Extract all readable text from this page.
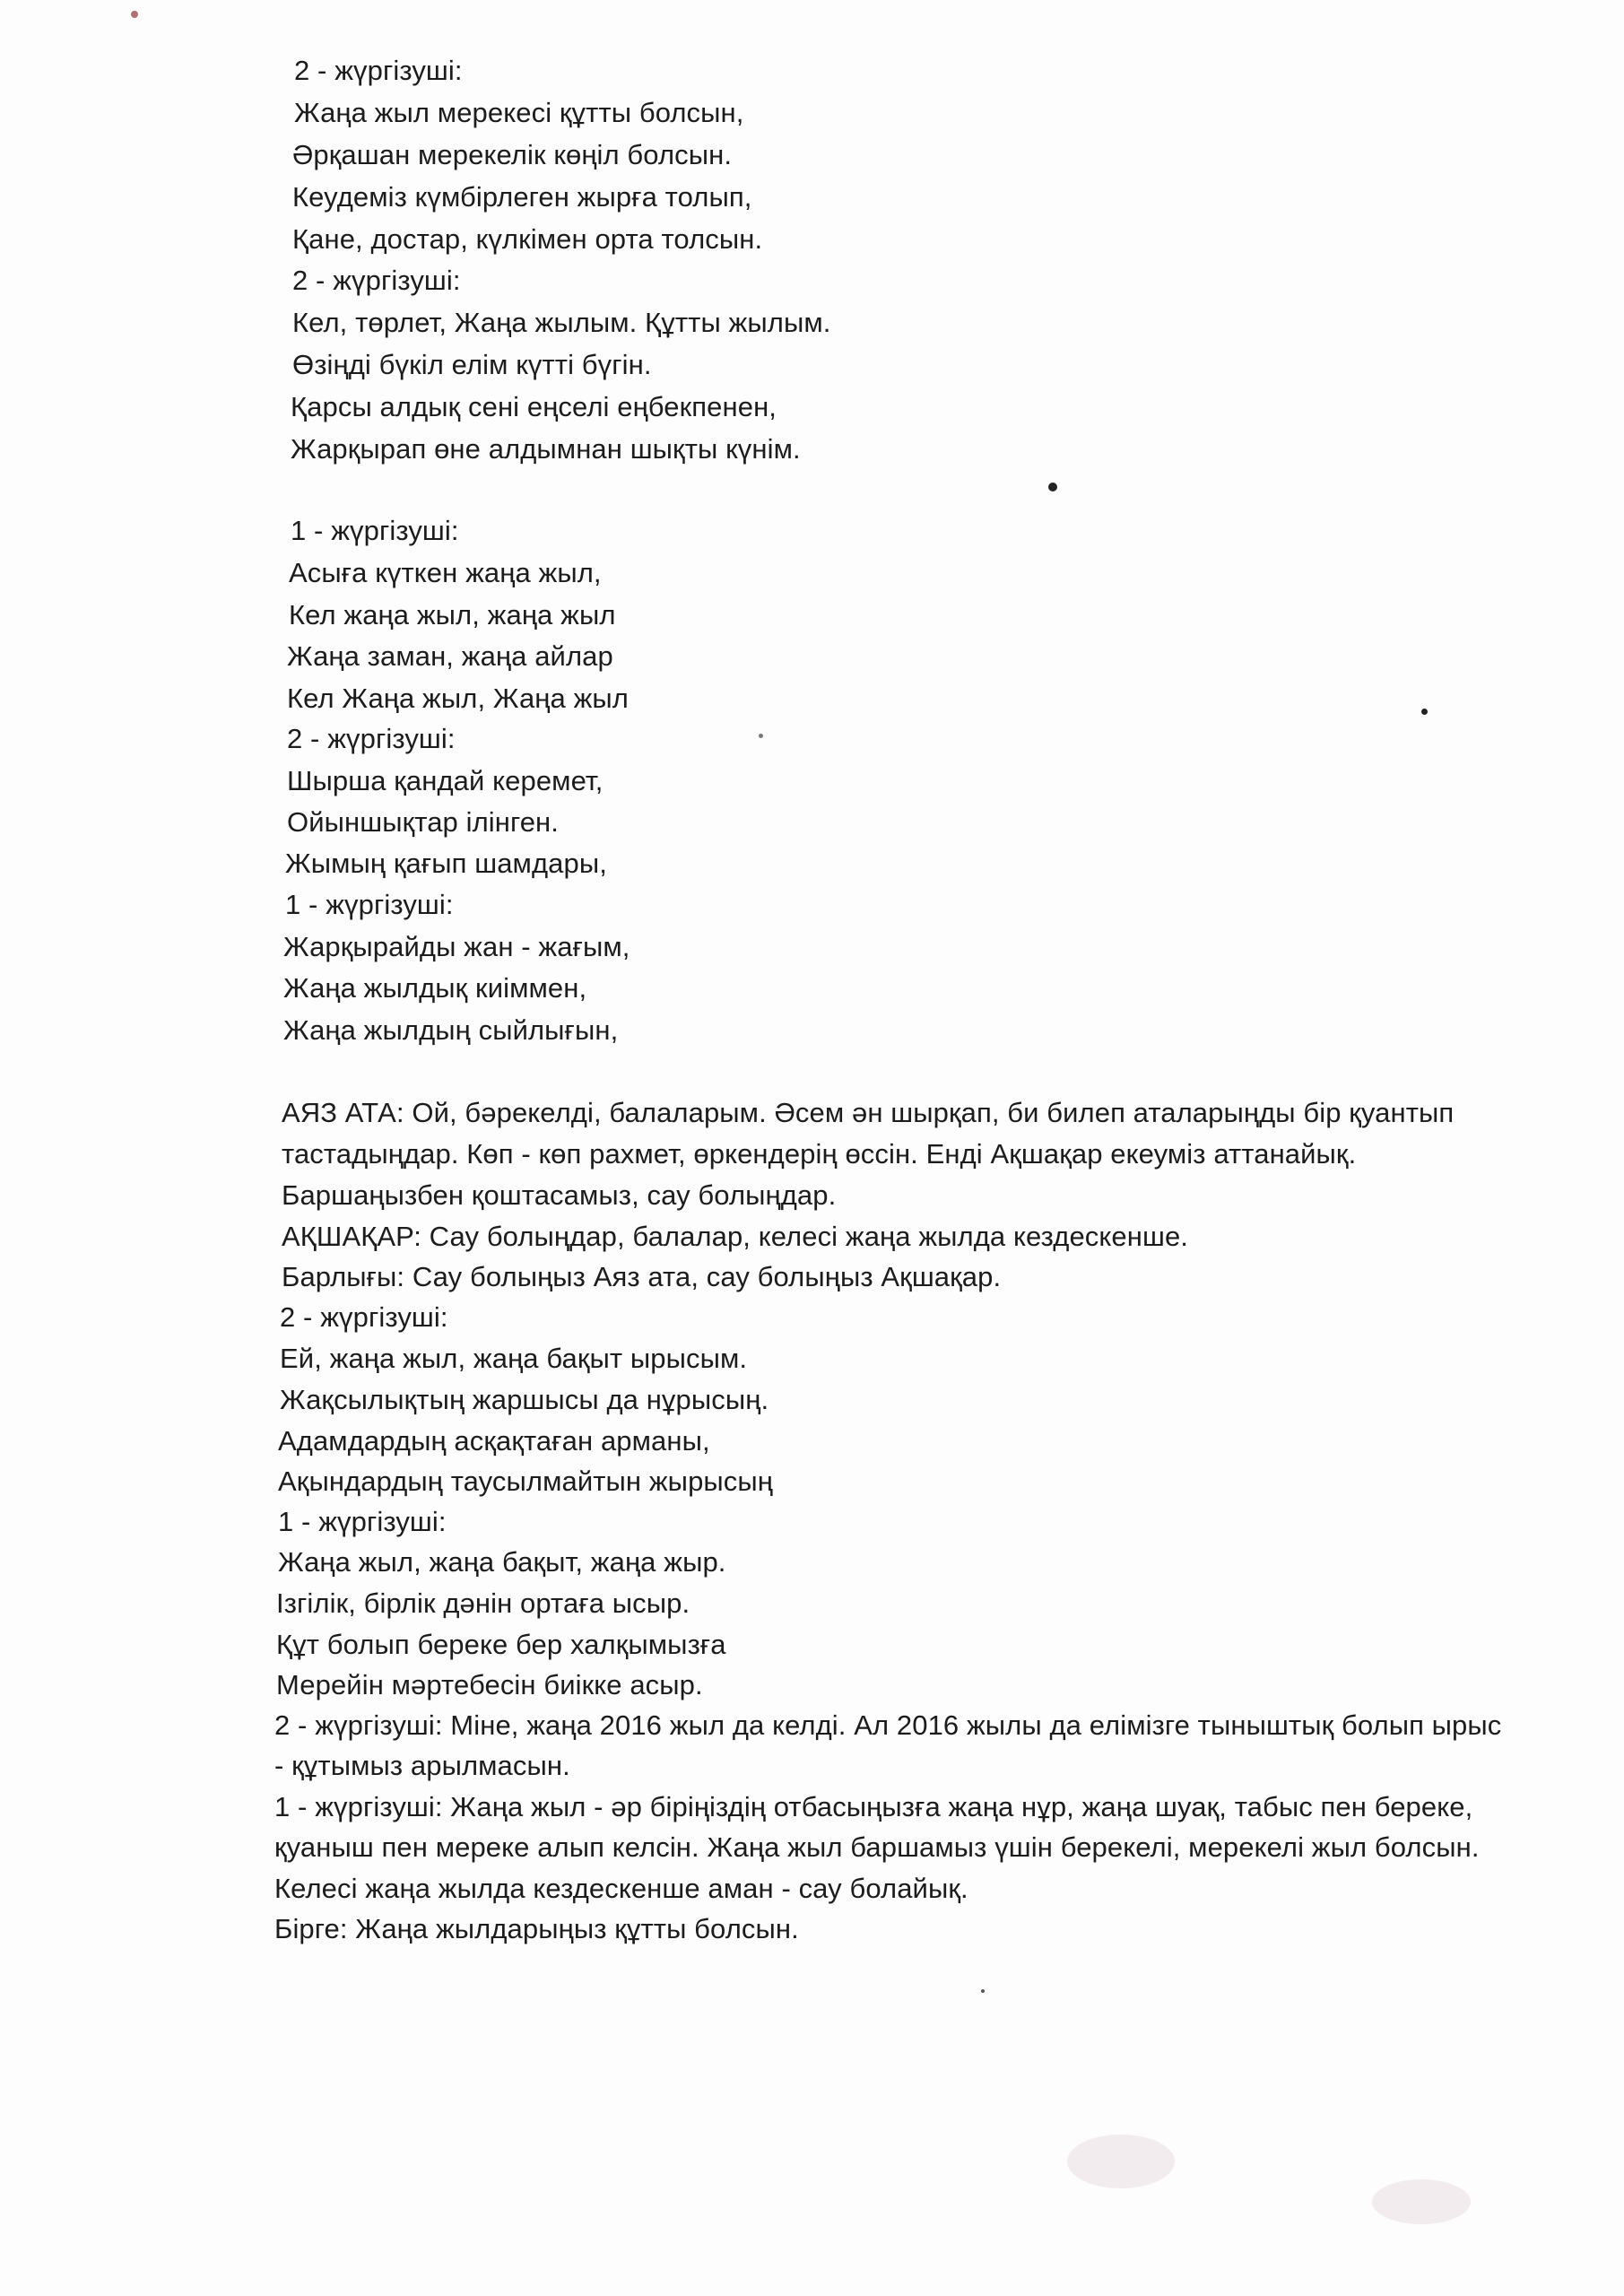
2 - жүргізуші:
Жаңа жыл мерекесі құтты болсын,
Әрқашан мерекелік көңіл болсын.
Кеудеміз күмбірлеген жырға толып,
Қане, достар, күлкімен орта толсын.
2 - жүргізуші:
Кел, төрлет, Жаңа жылым. Құтты жылым.
Өзіңді бүкіл елім күтті бүгін.
Қарсы алдық сені еңселі еңбекпенен,
Жарқырап өне алдымнан шықты күнім.
1 - жүргізуші:
Асыға күткен жаңа жыл,
Кел жаңа жыл, жаңа жыл
Жаңа заман, жаңа айлар
Кел Жаңа жыл, Жаңа жыл
2 - жүргізуші:
Шырша қандай керемет,
Ойыншықтар ілінген.
Жымың қағып шамдары,
1 - жүргізуші:
Жарқырайды жан - жағым,
Жаңа жылдық киіммен,
Жаңа жылдың сыйлығын,
АЯЗ АТА: Ой, бәрекелді, балаларым. Әсем ән шырқап, би билеп аталарыңды бір қуантып
тастадыңдар. Көп - көп рахмет, өркендерің өссін. Енді Ақшақар екеуміз аттанайық.
Баршаңызбен қоштасамыз, сау болыңдар.
АҚШАҚАР: Сау болыңдар, балалар, келесі жаңа жылда кездескенше.
Барлығы: Сау болыңыз Аяз ата, сау болыңыз Ақшақар.
2 - жүргізуші:
Ей, жаңа жыл, жаңа бақыт ырысым.
Жақсылықтың жаршысы да нұрысың.
Адамдардың асқақтаған арманы,
Ақындардың таусылмайтын жырысың
1 - жүргізуші:
Жаңа жыл, жаңа бақыт, жаңа жыр.
Ізгілік, бірлік дәнін ортаға ысыр.
Құт болып береке бер халқымызға
Мерейін мәртебесін биікке асыр.
2 - жүргізуші: Міне, жаңа 2016 жыл да келді. Ал 2016 жылы да елімізге тыныштық болып ырыс
- құтымыз арылмасын.
1 - жүргізуші: Жаңа жыл - әр біріңіздің отбасыңызға жаңа нұр, жаңа шуақ, табыс пен береке,
қуаныш пен мереке алып келсін. Жаңа жыл баршамыз үшін берекелі, мерекелі жыл болсын.
Келесі жаңа жылда кездескенше аман - сау болайық.
Бірге: Жаңа жылдарыңыз құтты болсын.
